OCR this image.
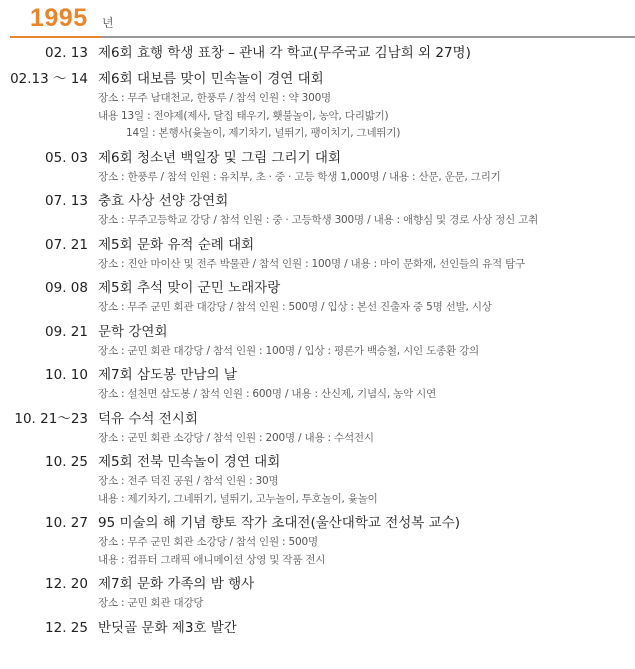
1995 년
02. 13 제6회 효행 학생 표창 – 관내 각 학교(무주국교 김남희 외 27명)
02.13 ～ 14 제6회 대보름 맞이 민속놀이 경연 대회
장소 : 무주 남대천교, 한풍루 / 참석 인원 : 약 300명
내용 13일 : 전야제(제사, 달집 태우기, 횃불놀이, 농악, 다리밟기)
14일 : 본행사(윷놀이, 제기차기, 널뛰기, 팽이치기, 그네뛰기)
05. 03 제6회 청소년 백일장 및 그림 그리기 대회
장소 : 한풍루 / 참석 인원 : 유치부, 초 · 중 · 고등 학생 1,000명 / 내용 : 산문, 운문, 그리기
07. 13 충효 사상 선양 강연회
장소 : 무주고등학교 강당 / 참석 인원 : 중 · 고등학생 300명 / 내용 : 애향심 및 경로 사상 정신 고취
07. 21 제5회 문화 유적 순례 대회
장소 : 진안 마이산 및 전주 박물관 / 참석 인원 : 100명 / 내용 : 마이 문화재, 선인들의 유적 탐구
09. 08 제5회 추석 맞이 군민 노래자랑
장소 : 무주 군민 회관 대강당 / 참석 인원 : 500명 / 입상 : 본선 진출자 중 5명 선발, 시상
09. 21 문학 강연회
장소 : 군민 회관 대강당 / 참석 인원 : 100명 / 입상 : 평론가 백승철, 시인 도종환 강의
10. 10 제7회 삼도봉 만남의 날
장소 : 설천면 삼도봉 / 참석 인원 : 600명 / 내용 : 산신제, 기념식, 농악 시연
10. 21～23 덕유 수석 전시회
장소 : 군민 회관 소강당 / 참석 인원 : 200명 / 내용 : 수석전시
10. 25 제5회 전북 민속놀이 경연 대회
장소 : 전주 덕진 공원 / 참석 인원 : 30명
내용 : 제기차기, 그네뛰기, 널뛰기, 고누놀이, 투호놀이, 윷놀이
10. 27 95 미술의 해 기념 향토 작가 초대전(울산대학교 전성복 교수)
장소 : 무주 군민 회관 소강당 / 참석 인원 : 500명
내용 : 컴퓨터 그래픽 애니메이션 상영 및 작품 전시
12. 20 제7회 문화 가족의 밤 행사
장소 : 군민 회관 대강당
12. 25 반딧골 문화 제3호 발간
